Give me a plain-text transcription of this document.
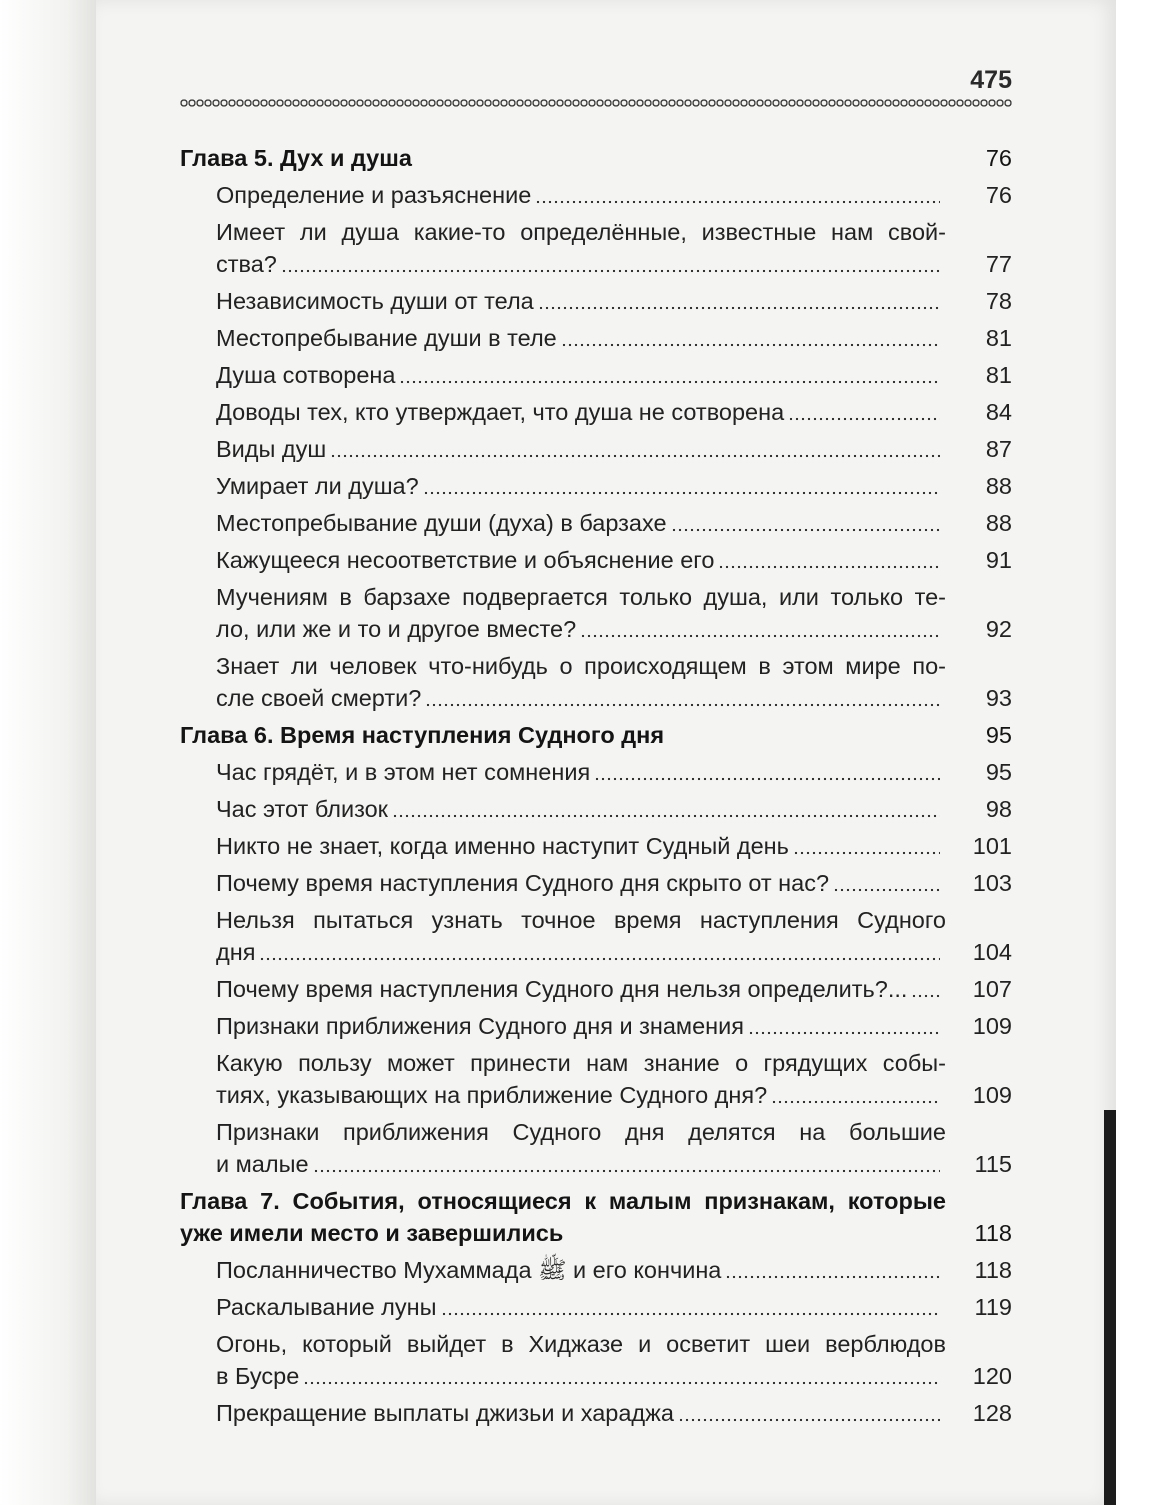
475
Глава 5. Дух и душа	76
Определение и разъяснение	76
Имеет ли душа какие-то определённые, известные нам свой-
ства?	77
Независимость души от тела	78
Местопребывание души в теле	81
Душа сотворена	81
Доводы тех, кто утверждает, что душа не сотворена	84
Виды душ	87
Умирает ли душа?	88
Местопребывание души (духа) в барзахе	88
Кажущееся несоответствие и объяснение его	91
Мучениям в барзахе подвергается только душа, или только те-
ло, или же и то и другое вместе?	92
Знает ли человек что-нибудь о происходящем в этом мире по-
сле своей смерти?	93
Глава 6. Время наступления Судного дня	95
Час грядёт, и в этом нет сомнения	95
Час этот близок	98
Никто не знает, когда именно наступит Судный день	101
Почему время наступления Судного дня скрыто от нас?	103
Нельзя пытаться узнать точное время наступления Судного
дня	104
Почему время наступления Судного дня нельзя определить?...	107
Признаки приближения Судного дня и знамения	109
Какую пользу может принести нам знание о грядущих собы-
тиях, указывающих на приближение Судного дня?	109
Признаки приближения Судного дня делятся на большие
и малые	115
Глава 7. События, относящиеся к малым признакам, которые
уже имели место и завершились	118
Посланничество Мухаммада ﷺ и его кончина	118
Раскалывание луны	119
Огонь, который выйдет в Хиджазе и осветит шеи верблюдов
в Бусре	120
Прекращение выплаты джизьи и хараджа	128
